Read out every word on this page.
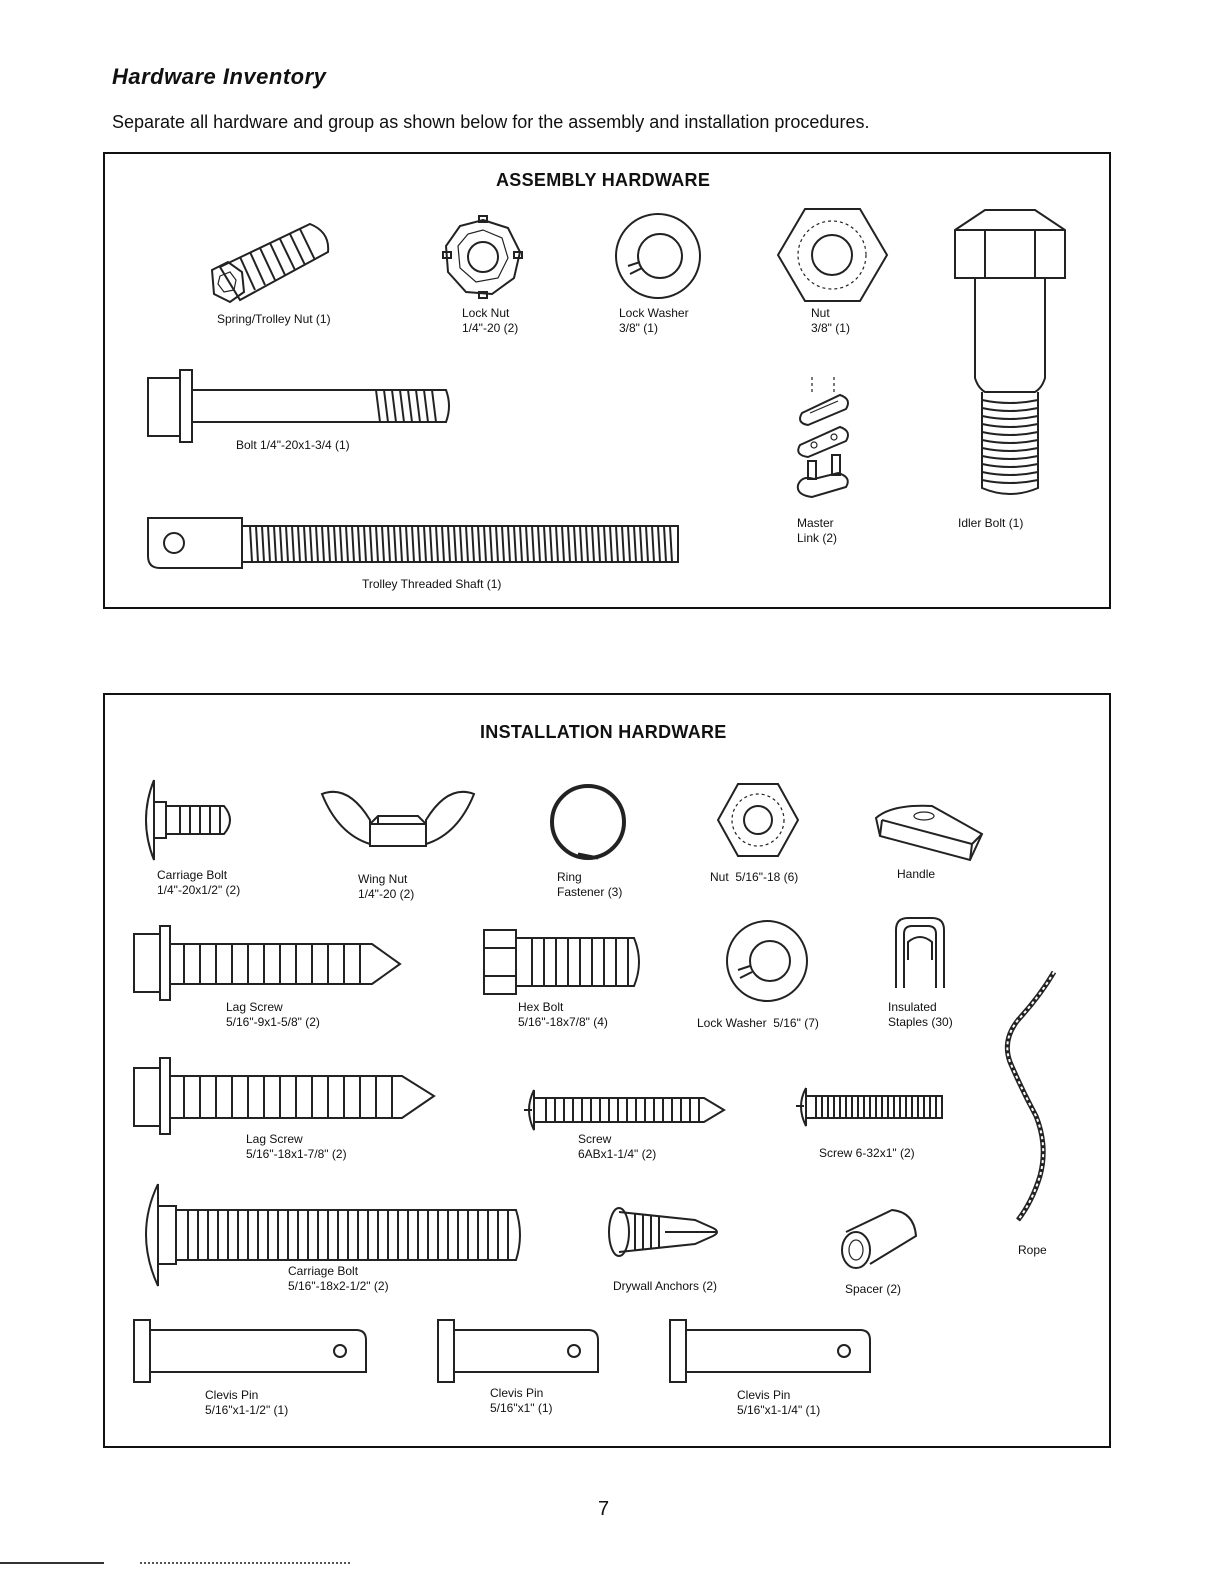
Hardware Inventory
Separate all hardware and group as shown below for the assembly and installation procedures.
ASSEMBLY HARDWARE
Spring/Trolley Nut (1)	Lock Nut
1/4"-20 (2)
Lock Washer
3/8" (1)
Nut
3/8" (1)
Idler Bolt (1)
Bolt 1/4"-20x1-3/4 (1)
Master
Link (2)
Trolley Threaded Shaft (1)
INSTALLATION HARDWARE
Carriage Bolt
1/4"-20x1/2" (2)
Wing Nut
1/4"-20 (2)
Ring
Fastener (3)
Nut  5/16"-18 (6)	Handle
Lag Screw
5/16"-9x1-5/8" (2)
Hex Bolt
5/16"-18x7/8" (4)	Lock Washer  5/16" (7)
Insulated
Staples (30)
Rope
Lag Screw
5/16"-18x1-7/8" (2)
Screw
6ABx1-1/4" (2)	Screw 6-32x1" (2)
Carriage Bolt
5/16"-18x2-1/2" (2)	Drywall Anchors (2)	Spacer (2)
Clevis Pin
5/16"x1-1/2" (1)
Clevis Pin
5/16"x1" (1)
Clevis Pin
5/16"x1-1/4" (1)
7
